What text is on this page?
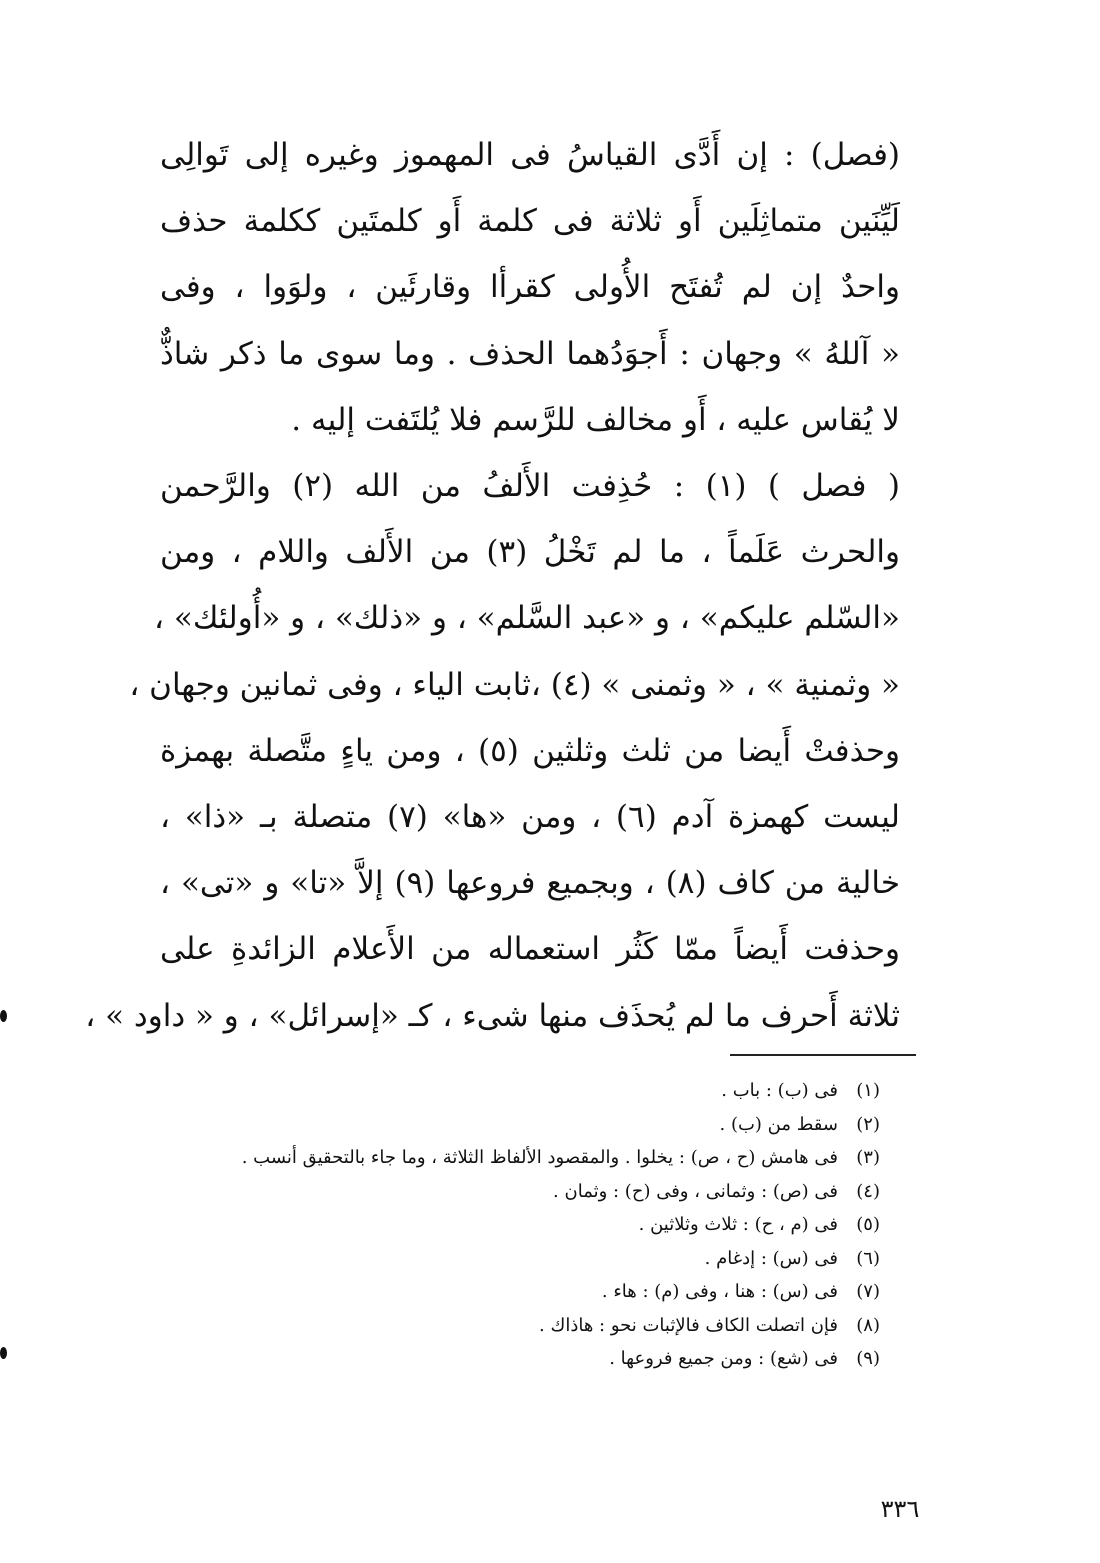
(فصل) : إن أَدَّى القياسُ فى المهموز وغيره إلى تَوالِى
لَيِّنَين متماثِلَين أَو ثلاثة فى كلمة أَو كلمتَين ككلمة حذف
واحدٌ إن لم تُفتَح الأُولى كقرأا وقارئَين ، ولوَوا ، وفى
« آللهُ » وجهان : أَجوَدُهما الحذف . وما سوى ما ذكر شاذٌّ
لا يُقاس عليه ، أَو مخالف للرَّسم فلا يُلتَفت إليه .
( فصل ) (١) : حُذِفت الأَلفُ من الله (٢) والرَّحمن
والحرث عَلَماً ، ما لم تَخْلُ (٣) من الأَلف واللام ، ومن
«السّلم عليكم» ، و «عبد السَّلم» ، و «ذلك» ، و «أُولئك» ،
« وثمنية » ، « وثمنى » (٤) ،ثابت الياء ، وفى ثمانين وجهان ،
وحذفتْ أَيضا من ثلث وثلثين (٥) ، ومن ياءٍ متَّصلة بهمزة
ليست كهمزة آدم (٦) ، ومن «ها» (٧) متصلة بـ «ذا» ،
خالية من كاف (٨) ، وبجميع فروعها (٩) إلاَّ «تا» و «تى» ،
وحذفت أَيضاً ممّا كَثُر استعماله من الأَعلام الزائدةِ على
ثلاثة أَحرف ما لم يُحذَف منها شىء ، كـ «إسرائل» ، و « داود » ،
(١)فى (ب) : باب .
(٢)سقط من (ب) .
(٣)فى هامش (ح ، ص) : يخلوا . والمقصود الألفاظ الثلاثة ، وما جاء بالتحقيق أنسب .
(٤)فى (ص) : وثمانى ، وفى (ح) : وثمان .
(٥)فى (م ، ح) : ثلاث وثلاثين .
(٦)فى (س) : إدغام .
(٧)فى (س) : هنا ، وفى (م) : هاء .
(٨)فإن اتصلت الكاف فالإثبات نحو : هاذاك .
(٩)فى (شع) : ومن جميع فروعها .
٣٣٦
